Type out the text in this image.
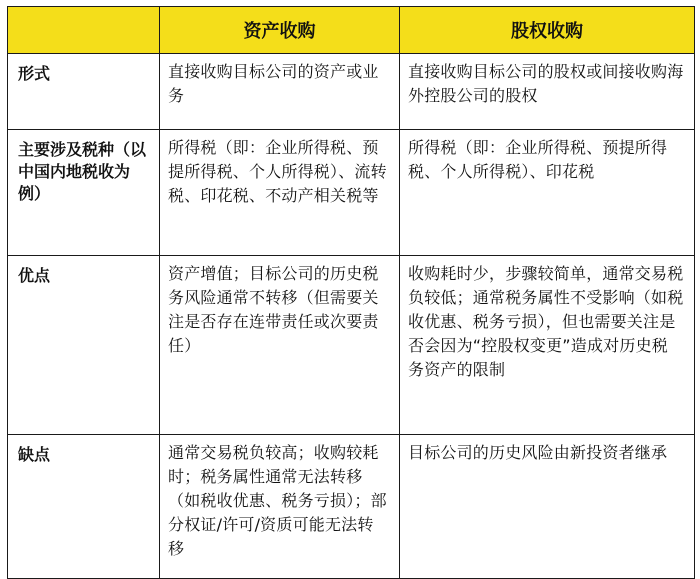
	资产收购	股权收购
形式	直接收购目标公司的资产或业务	直接收购目标公司的股权或间接收购海外控股公司的股权
主要涉及税种（以中国内地税收为例）	所得税（即：企业所得税、预提所得税、个人所得税）、流转税、印花税、不动产相关税等	所得税（即：企业所得税、预提所得税、个人所得税）、印花税
优点	资产增值；目标公司的历史税务风险通常不转移（但需要关注是否存在连带责任或次要责任）	收购耗时少，步骤较简单，通常交易税负较低；通常税务属性不受影响（如税收优惠、税务亏损），但也需要关注是否会因为“控股权变更”造成对历史税务资产的限制
缺点	通常交易税负较高；收购较耗时；税务属性通常无法转移（如税收优惠、税务亏损）；部分权证/许可/资质可能无法转移	目标公司的历史风险由新投资者继承
